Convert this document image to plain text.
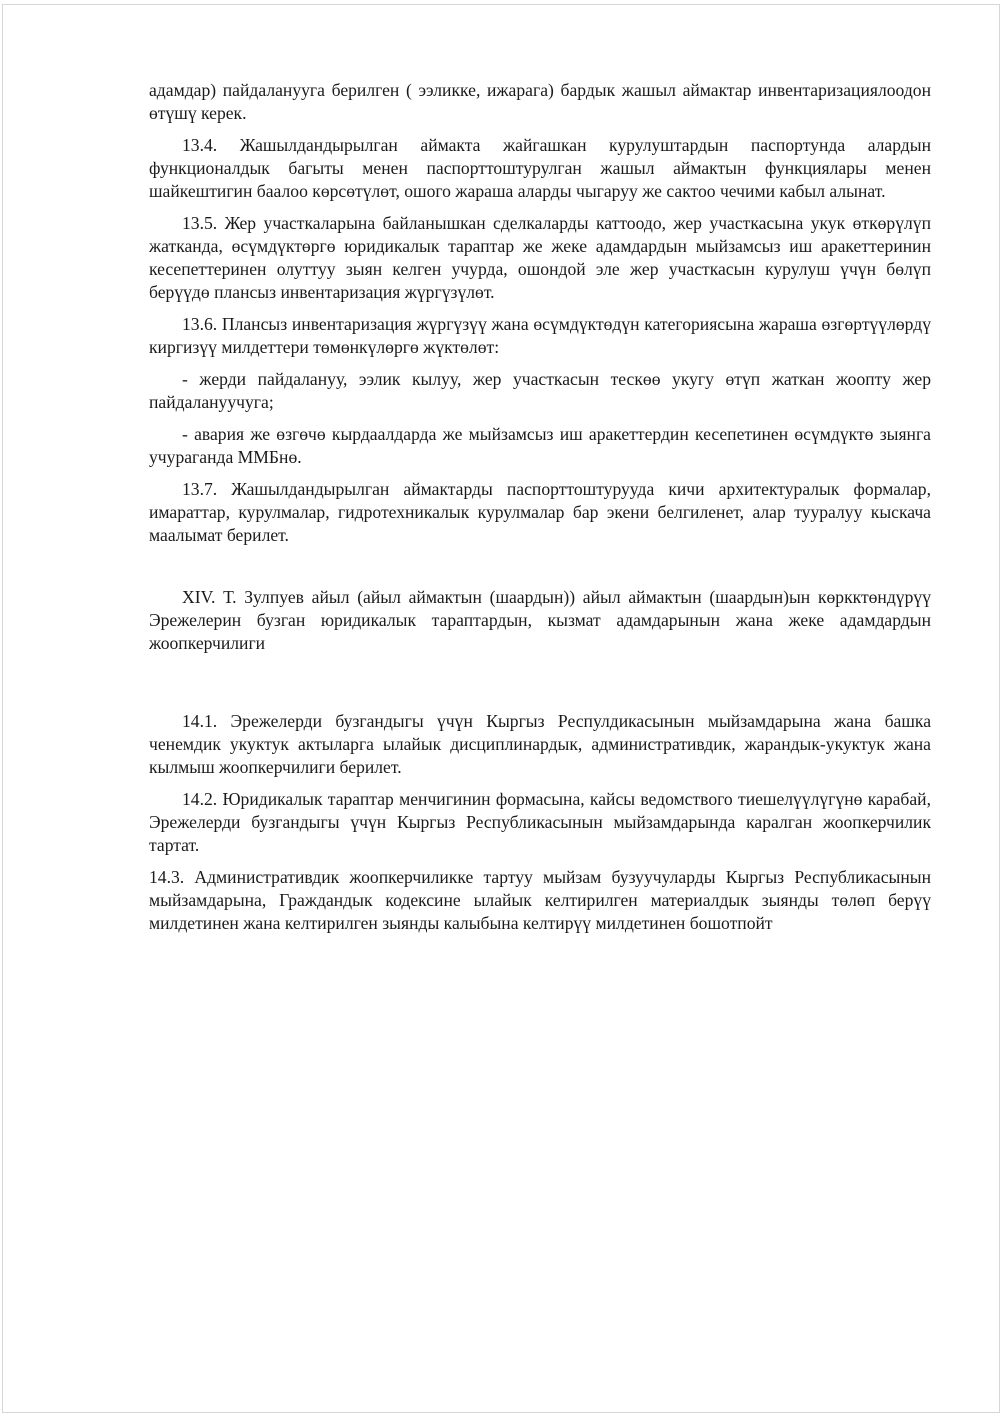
адамдар) пайдаланууга берилген ( ээликке, ижарага) бардык жашыл аймактар инвентаризациялоодон өтүшү керек.

13.4. Жашылдандырылган аймакта жайгашкан курулуштардын паспортунда алардын функционалдык багыты менен паспорттоштурулган жашыл аймактын функциялары менен шайкештигин баалоо көрсөтүлөт, ошого жараша аларды чыгаруу же сактоо чечими кабыл алынат.

13.5. Жер участкаларына байланышкан сделкаларды каттоодо, жер участкасына укук өткөрүлүп жатканда, өсүмдүктөргө юридикалык тараптар же жеке адамдардын мыйзамсыз иш аракеттеринин кесепеттеринен олуттуу зыян келген учурда, ошондой эле жер участкасын курулуш үчүн бөлүп берүүдө плансыз инвентаризация жүргүзүлөт.

13.6. Плансыз инвентаризация жүргүзүү жана өсүмдүктөдүн категориясына жараша өзгөртүүлөрдү киргизүү милдеттери төмөнкүлөргө жүктөлөт:

- жерди пайдалануу, ээлик кылуу, жер участкасын тескөө укугу өтүп жаткан жоопту жер пайдалануучуга;

- авария же өзгөчө кырдаалдарда же мыйзамсыз иш аракеттердин кесепетинен өсүмдүктө зыянга учураганда ММБнө.

13.7. Жашылдандырылган аймактарды паспорттоштурууда кичи архитектуралык формалар, имараттар, курулмалар, гидротехникалык курулмалар бар экени белгиленет, алар тууралуу кыскача маалымат берилет.

XIV. Т. Зулпуев айыл (айыл аймактын (шаардын)) айыл аймактын (шаардын)ын көркктөндүрүү Эрежелерин бузган юридикалык тараптардын, кызмат адамдарынын жана жеке адамдардын жоопкерчилиги

14.1. Эрежелерди бузгандыгы үчүн Кыргыз Респулдикасынын мыйзамдарына жана башка ченемдик укуктук актыларга ылайык дисциплинардык, административдик, жарандык-укуктук жана кылмыш жоопкерчилиги берилет.

14.2. Юридикалык тараптар менчигинин формасына, кайсы ведомствого тиешелүүлүгүнө карабай, Эрежелерди бузгандыгы үчүн Кыргыз Республикасынын мыйзамдарында каралган жоопкерчилик тартат.

14.3. Административдик жоопкерчиликке тартуу мыйзам бузуучуларды Кыргыз Республикасынын мыйзамдарына, Граждандык кодексине ылайык келтирилген материалдык зыянды төлөп берүү милдетинен жана келтирилген зыянды калыбына келтирүү милдетинен бошотпойт
